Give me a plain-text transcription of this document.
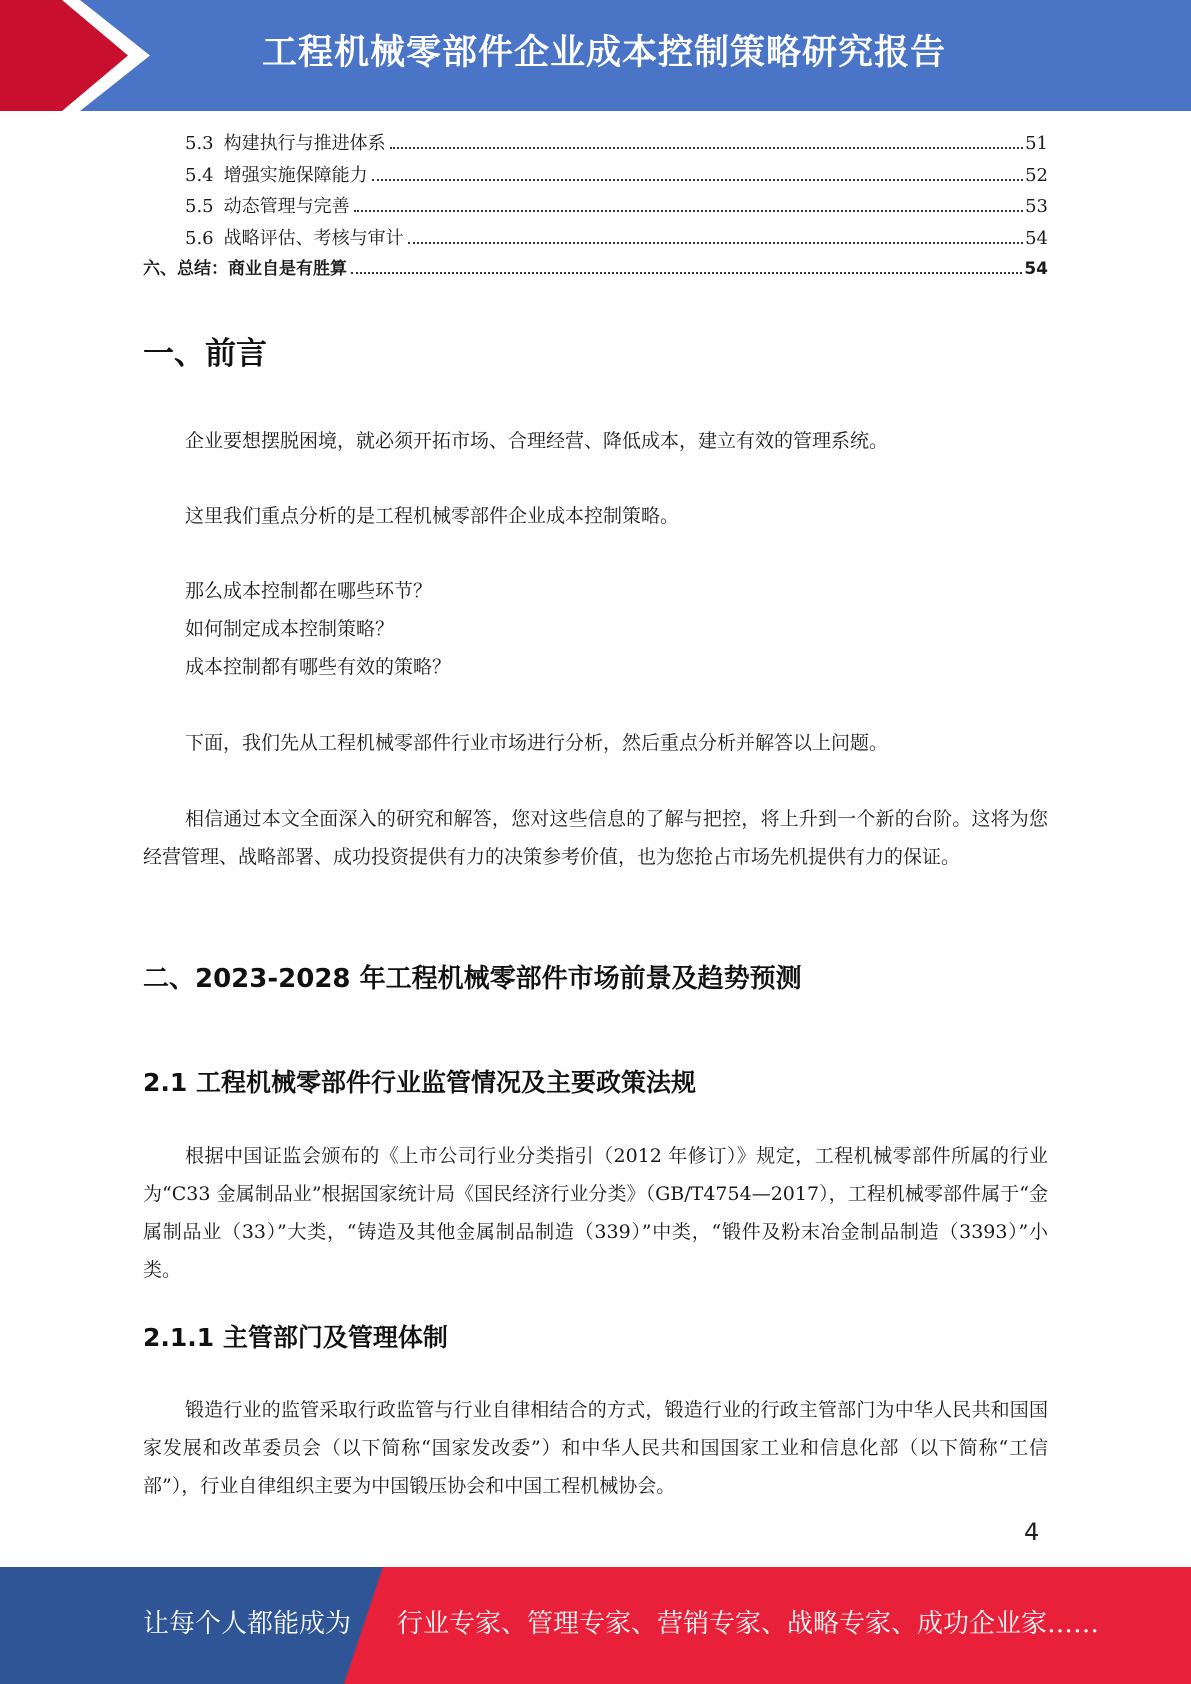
工程机械零部件企业成本控制策略研究报告
5.3 构建执行与推进体系	51
5.4 增强实施保障能力	52
5.5 动态管理与完善	53
5.6 战略评估、考核与审计	54
六、总结：商业自是有胜算	54
一、前言

企业要想摆脱困境，就必须开拓市场、合理经营、降低成本，建立有效的管理系统。

这里我们重点分析的是工程机械零部件企业成本控制策略。

那么成本控制都在哪些环节？

如何制定成本控制策略？

成本控制都有哪些有效的策略？

下面，我们先从工程机械零部件行业市场进行分析，然后重点分析并解答以上问题。

相信通过本文全面深入的研究和解答，您对这些信息的了解与把控，将上升到一个新的台阶。这将为您经营管理、战略部署、成功投资提供有力的决策参考价值，也为您抢占市场先机提供有力的保证。

二、2023-2028 年工程机械零部件市场前景及趋势预测
2.1 工程机械零部件行业监管情况及主要政策法规

根据中国证监会颁布的《上市公司行业分类指引（2012 年修订）》规定，工程机械零部件所属的行业为“C33 金属制品业”根据国家统计局《国民经济行业分类》（GB/T4754—2017），工程机械零部件属于“金属制品业（33）”大类，“铸造及其他金属制品制造（339）”中类，“锻件及粉末冶金制品制造（3393）”小类。

2.1.1 主管部门及管理体制

锻造行业的监管采取行政监管与行业自律相结合的方式，锻造行业的行政主管部门为中华人民共和国国家发展和改革委员会（以下简称“国家发改委”）和中华人民共和国国家工业和信息化部（以下简称“工信部”），行业自律组织主要为中国锻压协会和中国工程机械协会。

4
让每个人都能成为 行业专家、管理专家、营销专家、战略专家、成功企业家……
